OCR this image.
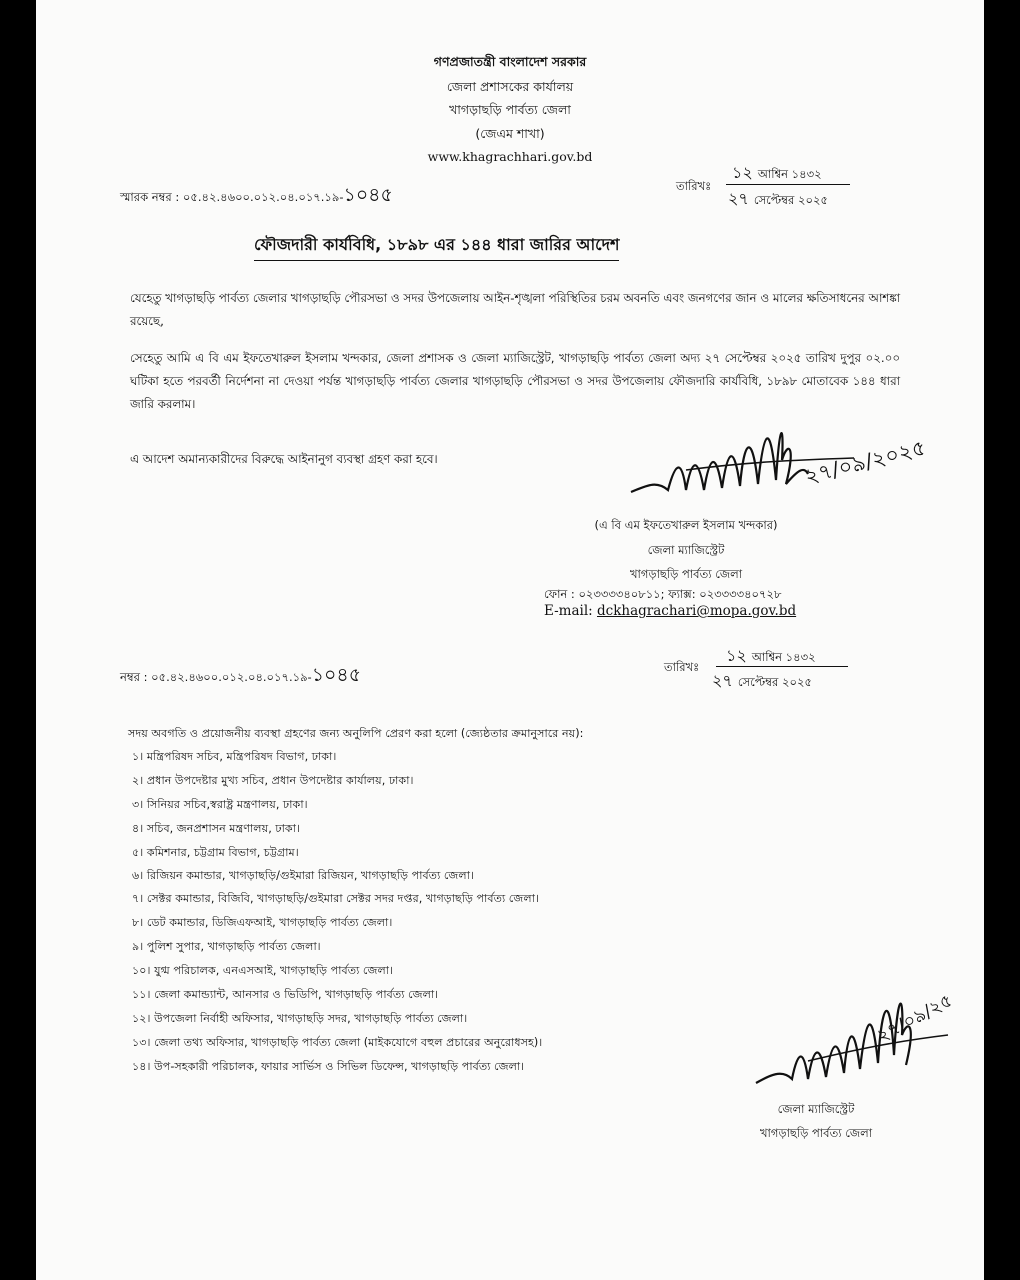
গণপ্রজাতন্ত্রী বাংলাদেশ সরকার
জেলা প্রশাসকের কার্যালয়
খাগড়াছড়ি পার্বত্য জেলা
(জেএম শাখা)
www.khagrachhari.gov.bd
স্মারক নম্বর : ০৫.৪২.৪৬০০.০১২.০৪.০১৭.১৯-১০৪৫	তারিখঃ
১২ আশ্বিন ১৪৩২
২৭ সেপ্টেম্বর ২০২৫
ফৌজদারী কার্যবিধি, ১৮৯৮ এর ১৪৪ ধারা জারির আদেশ
যেহেতু খাগড়াছড়ি পার্বত্য জেলার খাগড়াছড়ি পৌরসভা ও সদর উপজেলায় আইন-শৃঙ্খলা পরিস্থিতির চরম অবনতি এবং জনগণের জান ও মালের ক্ষতিসাধনের আশঙ্কা রয়েছে,
সেহেতু আমি এ বি এম ইফতেখারুল ইসলাম খন্দকার, জেলা প্রশাসক ও জেলা ম্যাজিস্ট্রেট, খাগড়াছড়ি পার্বত্য জেলা অদ্য ২৭ সেপ্টেম্বর ২০২৫ তারিখ দুপুর ০২.০০ ঘটিকা হতে পরবর্তী নির্দেশনা না দেওয়া পর্যন্ত খাগড়াছড়ি পার্বত্য জেলার খাগড়াছড়ি পৌরসভা ও সদর উপজেলায় ফৌজদারি কার্যবিধি, ১৮৯৮ মোতাবেক ১৪৪ ধারা জারি করলাম।
এ আদেশ অমান্যকারীদের বিরুদ্ধে আইনানুগ ব্যবস্থা গ্রহণ করা হবে।	২৭/০৯/২০২৫
(এ বি এম ইফতেখারুল ইসলাম খন্দকার)
জেলা ম্যাজিস্ট্রেট
খাগড়াছড়ি পার্বত্য জেলা
ফোন : ০২৩৩৩৩৪০৮১১; ফ্যাক্স: ০২৩৩৩৩৪০৭২৮
E-mail: dckhagrachari@mopa.gov.bd
নম্বর : ০৫.৪২.৪৬০০.০১২.০৪.০১৭.১৯-১০৪৫	তারিখঃ
১২ আশ্বিন ১৪৩২
২৭ সেপ্টেম্বর ২০২৫
সদয় অবগতি ও প্রয়োজনীয় ব্যবস্থা গ্রহণের জন্য অনুলিপি প্রেরণ করা হলো (জ্যেষ্ঠতার ক্রমানুসারে নয়):
১। মন্ত্রিপরিষদ সচিব, মন্ত্রিপরিষদ বিভাগ, ঢাকা।
২। প্রধান উপদেষ্টার মুখ্য সচিব, প্রধান উপদেষ্টার কার্যালয়, ঢাকা।
৩। সিনিয়র সচিব,স্বরাষ্ট্র মন্ত্রণালয়, ঢাকা।
৪। সচিব, জনপ্রশাসন মন্ত্রণালয়, ঢাকা।
৫। কমিশনার, চট্টগ্রাম বিভাগ, চট্টগ্রাম।
৬। রিজিয়ন কমান্ডার, খাগড়াছড়ি/গুইমারা রিজিয়ন, খাগড়াছড়ি পার্বত্য জেলা।
৭। সেক্টর কমান্ডার, বিজিবি, খাগড়াছড়ি/গুইমারা সেক্টর সদর দপ্তর, খাগড়াছড়ি পার্বত্য জেলা।
৮। ডেট কমান্ডার, ডিজিএফআই, খাগড়াছড়ি পার্বত্য জেলা।
৯। পুলিশ সুপার, খাগড়াছড়ি পার্বত্য জেলা।
১০। যুগ্ম পরিচালক, এনএসআই, খাগড়াছড়ি পার্বত্য জেলা।
১১। জেলা কমান্ড্যান্ট, আনসার ও ভিডিপি, খাগড়াছড়ি পার্বত্য জেলা।
১২। উপজেলা নির্বাহী অফিসার, খাগড়াছড়ি সদর, খাগড়াছড়ি পার্বত্য জেলা।
১৩। জেলা তথ্য অফিসার, খাগড়াছড়ি পার্বত্য জেলা (মাইকযোগে বহুল প্রচারের অনুরোধসহ)।
১৪। উপ-সহকারী পরিচালক, ফায়ার সার্ভিস ও সিভিল ডিফেন্স, খাগড়াছড়ি পার্বত্য জেলা।
২৭/০৯/২৫
জেলা ম্যাজিস্ট্রেট
খাগড়াছড়ি পার্বত্য জেলা
